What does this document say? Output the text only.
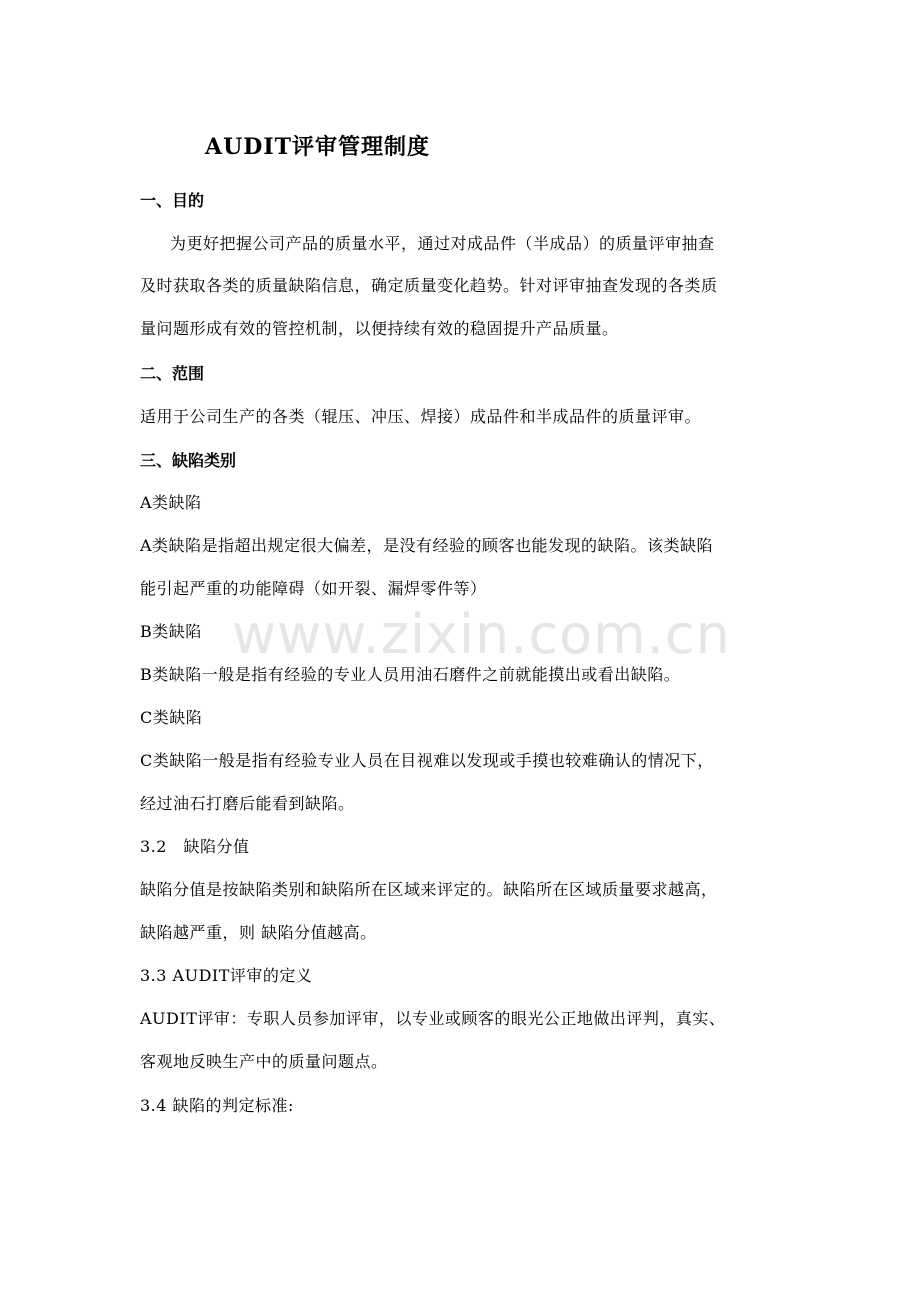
AUDIT评审管理制度
一、目的
为更好把握公司产品的质量水平，通过对成品件（半成品）的质量评审抽查
及时获取各类的质量缺陷信息，确定质量变化趋势。针对评审抽查发现的各类质
量问题形成有效的管控机制，以便持续有效的稳固提升产品质量。
二、范围
适用于公司生产的各类（辊压、冲压、焊接）成品件和半成品件的质量评审。
三、缺陷类别
A类缺陷
A类缺陷是指超出规定很大偏差，是没有经验的顾客也能发现的缺陷。该类缺陷
能引起严重的功能障碍（如开裂、漏焊零件等）
B类缺陷
B类缺陷一般是指有经验的专业人员用油石磨件之前就能摸出或看出缺陷。
C类缺陷
C类缺陷一般是指有经验专业人员在目视难以发现或手摸也较难确认的情况下，
经过油石打磨后能看到缺陷。
3.2　缺陷分值
缺陷分值是按缺陷类别和缺陷所在区域来评定的。缺陷所在区域质量要求越高，
缺陷越严重，则 缺陷分值越高。
3.3 AUDIT评审的定义
AUDIT评审：专职人员参加评审，以专业或顾客的眼光公正地做出评判，真实、
客观地反映生产中的质量问题点。
3.4 缺陷的判定标准:
www.zixin.com.cn
